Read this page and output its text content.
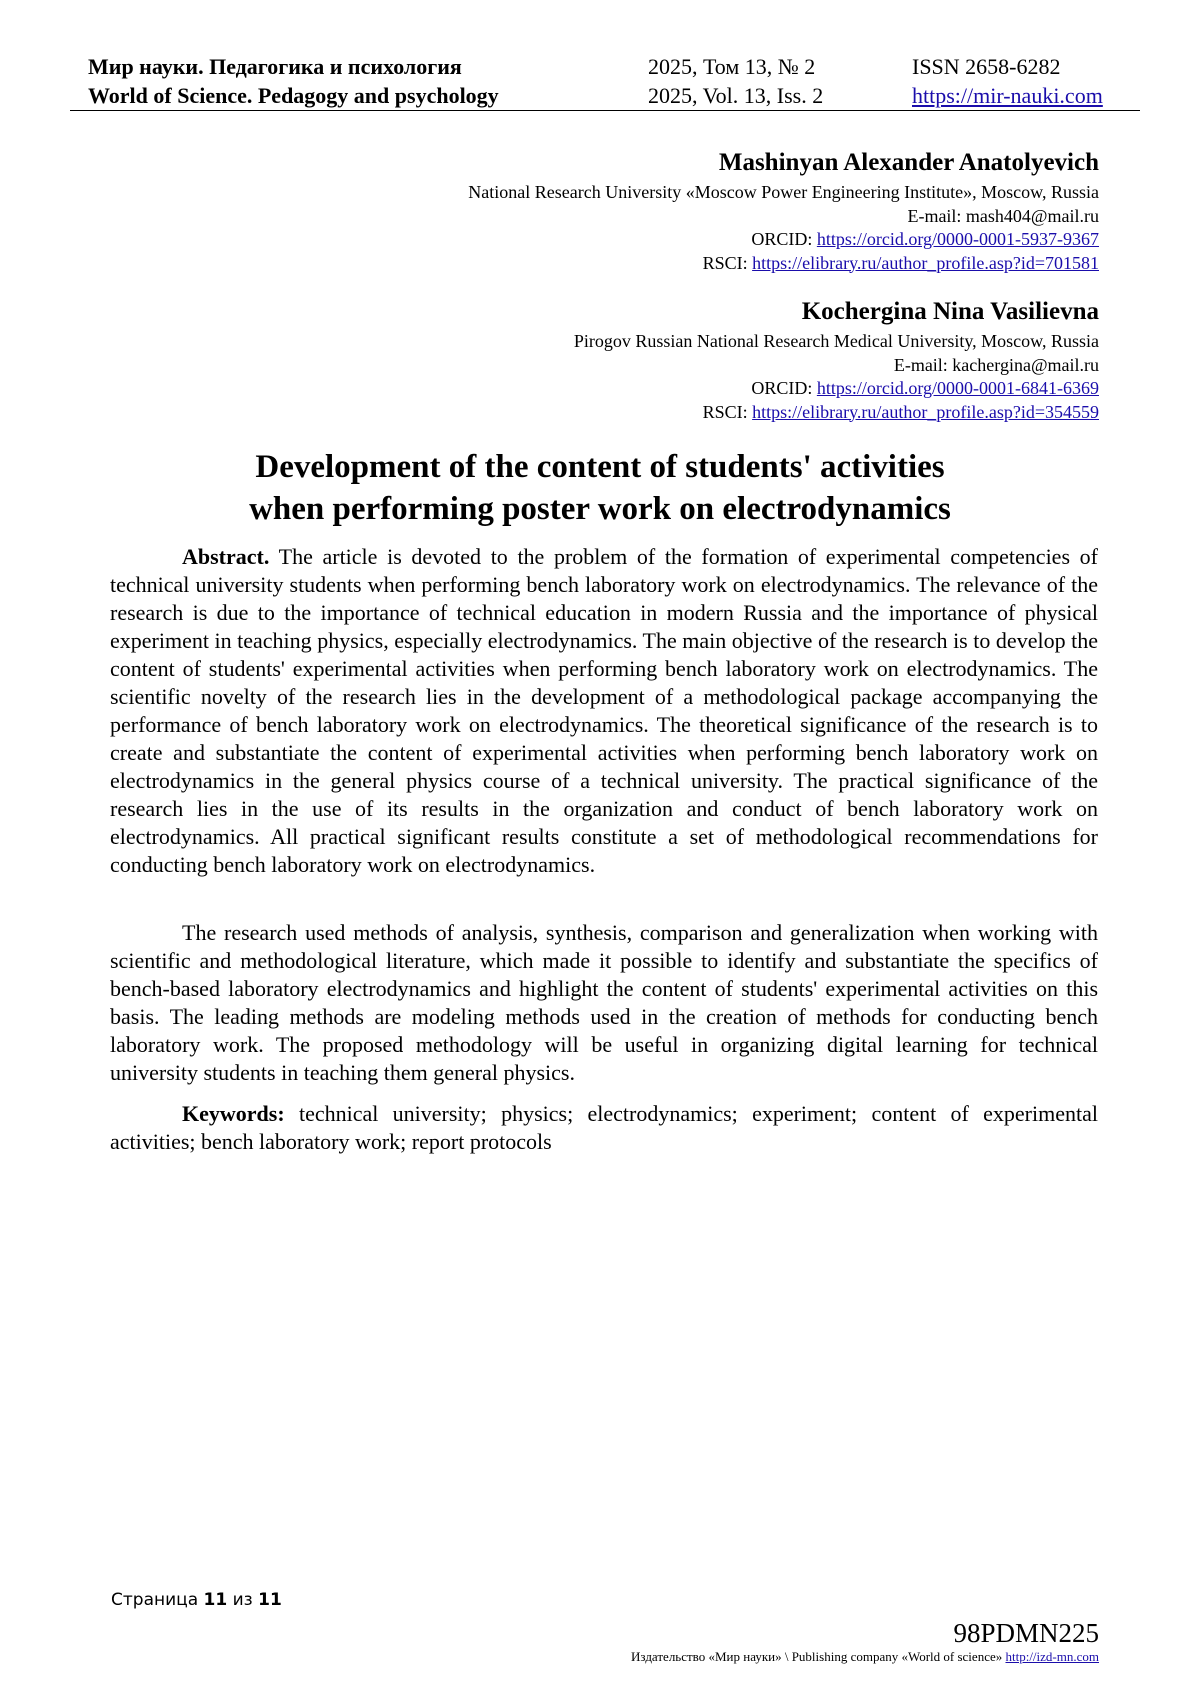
Мир науки. Педагогика и психология
World of Science. Pedagogy and psychology
2025, Том 13, № 2
2025, Vol. 13, Iss. 2
ISSN 2658-6282
https://mir-nauki.com
Mashinyan Alexander Anatolyevich
National Research University «Moscow Power Engineering Institute», Moscow, Russia
E-mail: mash404@mail.ru
ORCID: https://orcid.org/0000-0001-5937-9367
RSCI: https://elibrary.ru/author_profile.asp?id=701581
Kochergina Nina Vasilievna
Pirogov Russian National Research Medical University, Moscow, Russia
E-mail: kachergina@mail.ru
ORCID: https://orcid.org/0000-0001-6841-6369
RSCI: https://elibrary.ru/author_profile.asp?id=354559
Development of the content of students' activities
when performing poster work on electrodynamics

Abstract. The article is devoted to the problem of the formation of experimental competencies of technical university students when performing bench laboratory work on electrodynamics. The relevance of the research is due to the importance of technical education in modern Russia and the importance of physical experiment in teaching physics, especially electrodynamics. The main objective of the research is to develop the content of students' experimental activities when performing bench laboratory work on electrodynamics. The scientific novelty of the research lies in the development of a methodological package accompanying the performance of bench laboratory work on electrodynamics. The theoretical significance of the research is to create and substantiate the content of experimental activities when performing bench laboratory work on electrodynamics in the general physics course of a technical university. The practical significance of the research lies in the use of its results in the organization and conduct of bench laboratory work on electrodynamics. All practical significant results constitute a set of methodological recommendations for conducting bench laboratory work on electrodynamics.

The research used methods of analysis, synthesis, comparison and generalization when working with scientific and methodological literature, which made it possible to identify and substantiate the specifics of bench-based laboratory electrodynamics and highlight the content of students' experimental activities on this basis. The leading methods are modeling methods used in the creation of methods for conducting bench laboratory work. The proposed methodology will be useful in organizing digital learning for technical university students in teaching them general physics.

Keywords: technical university; physics; electrodynamics; experiment; content of experimental activities; bench laboratory work; report protocols

Страница 11 из 11
98PDMN225
Издательство «Мир науки» \ Publishing company «World of science» http://izd-mn.com
